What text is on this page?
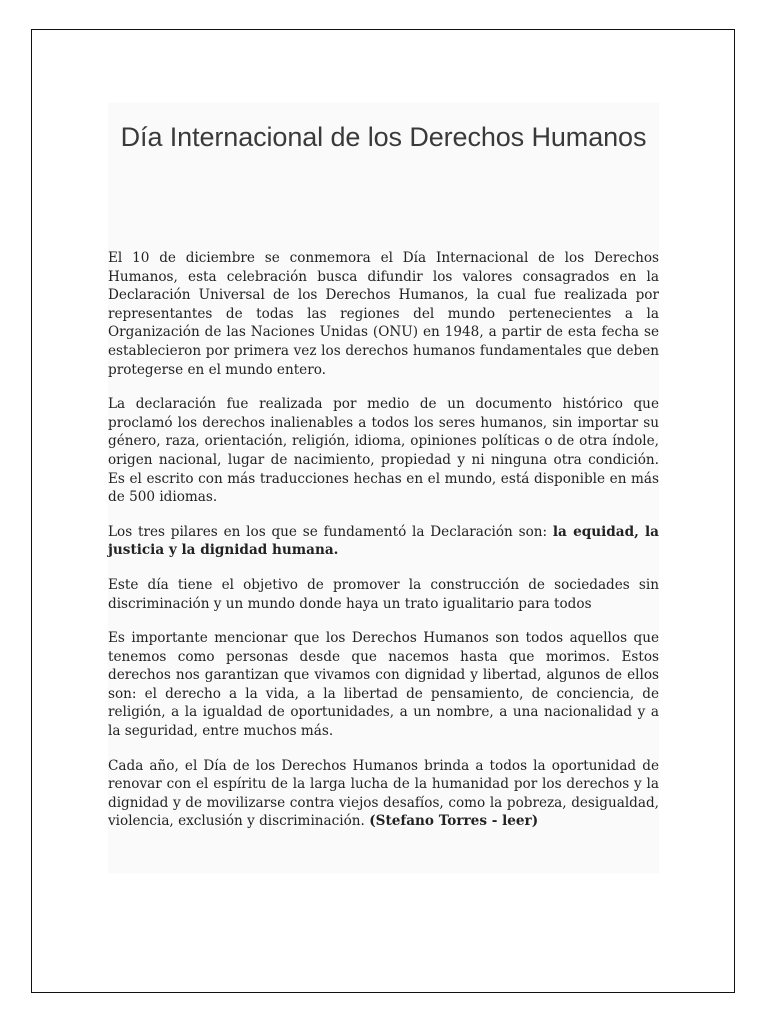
Día Internacional de los Derechos Humanos

El 10 de diciembre se conmemora el Día Internacional de los Derechos Humanos, esta celebración busca difundir los valores consagrados en la Declaración Universal de los Derechos Humanos, la cual fue realizada por representantes de todas las regiones del mundo pertenecientes a la Organización de las Naciones Unidas (ONU) en 1948, a partir de esta fecha se establecieron por primera vez los derechos humanos fundamentales que deben protegerse en el mundo entero.

La declaración fue realizada por medio de un documento histórico que proclamó los derechos inalienables a todos los seres humanos, sin importar su género, raza, orientación, religión, idioma, opiniones políticas o de otra índole, origen nacional, lugar de nacimiento, propiedad y ni ninguna otra condición. Es el escrito con más traducciones hechas en el mundo, está disponible en más de 500 idiomas.

Los tres pilares en los que se fundamentó la Declaración son: la equidad, la justicia y la dignidad humana.

Este día tiene el objetivo de promover la construcción de sociedades sin discriminación y un mundo donde haya un trato igualitario para todos

Es importante mencionar que los Derechos Humanos son todos aquellos que tenemos como personas desde que nacemos hasta que morimos. Estos derechos nos garantizan que vivamos con dignidad y libertad, algunos de ellos son: el derecho a la vida, a la libertad de pensamiento, de conciencia, de religión, a la igualdad de oportunidades, a un nombre, a una nacionalidad y a la seguridad, entre muchos más.

Cada año, el Día de los Derechos Humanos brinda a todos la oportunidad de renovar con el espíritu de la larga lucha de la humanidad por los derechos y la dignidad y de movilizarse contra viejos desafíos, como la pobreza, desigualdad, violencia, exclusión y discriminación. (Stefano Torres - leer)
